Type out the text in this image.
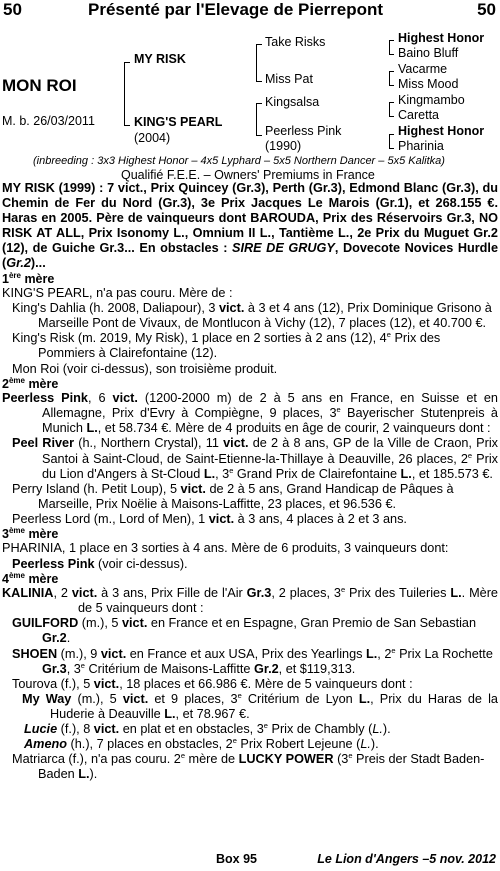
50	Présenté par l'Elevage de Pierrepont	50
MON ROI
M. b. 26/03/2011
MY RISK
KING'S PEARL
(2004)
Take Risks
Miss Pat
Kingsalsa
Peerless Pink
(1990)
Highest Honor
Baino Bluff
Vacarme
Miss Mood
Kingmambo
Caretta
Highest Honor
Pharinia
(inbreeding : 3x3 Highest Honor – 4x5 Lyphard – 5x5 Northern Dancer – 5x5 Kalitka)
Qualifié F.E.E. – Owners' Premiums in France

MY RISK (1999) : 7 vict., Prix Quincey (Gr.3), Perth (Gr.3), Edmond Blanc (Gr.3), du Chemin de Fer du Nord (Gr.3), 3e Prix Jacques Le Marois (Gr.1), et 268.155 €. Haras en 2005. Père de vainqueurs dont BAROUDA, Prix des Réservoirs Gr.3, NO RISK AT ALL, Prix Isonomy L., Omnium II L., Tantième L., 2e Prix du Muguet Gr.2 (12), de Guiche Gr.3... En obstacles : SIRE DE GRUGY, Dovecote Novices Hurdle (Gr.2)...

1ère mère

KING'S PEARL, n'a pas couru. Mère de :

King's Dahlia (h. 2008, Daliapour), 3 vict. à 3 et 4 ans (12), Prix Dominique Grisono à Marseille Pont de Vivaux, de Montlucon à Vichy (12), 7 places (12), et 40.700 €.

King's Risk (m. 2019, My Risk), 1 place en 2 sorties à 2 ans (12), 4e Prix des Pommiers à Clairefontaine (12).

Mon Roi (voir ci-dessus), son troisième produit.

2ème mère

Peerless Pink, 6 vict. (1200-2000 m) de 2 à 5 ans en France, en Suisse et en Allemagne, Prix d'Evry à Compiègne, 9 places, 3e Bayerischer Stutenpreis à Munich L., et 58.734 €. Mère de 4 produits en âge de courir, 2 vainqueurs dont :

Peel River (h., Northern Crystal), 11 vict. de 2 à 8 ans, GP de la Ville de Craon, Prix Santoi à Saint-Cloud, de Saint-Etienne-la-Thillaye à Deauville, 26 places, 2e Prix du Lion d'Angers à St-Cloud L., 3e Grand Prix de Clairefontaine L., et 185.573 €.

Perry Island (h. Petit Loup), 5 vict. de 2 à 5 ans, Grand Handicap de Pâques à Marseille, Prix Noëlie à Maisons-Laffitte, 23 places, et 96.536 €.

Peerless Lord (m., Lord of Men), 1 vict. à 3 ans, 4 places à 2 et 3 ans.

3ème mère

PHARINIA, 1 place en 3 sorties à 4 ans. Mère de 6 produits, 3 vainqueurs dont:

Peerless Pink (voir ci-dessus).

4ème mère

KALINIA, 2 vict. à 3 ans, Prix Fille de l'Air Gr.3, 2 places, 3e Prix des Tuileries L.. Mère de 5 vainqueurs dont :

GUILFORD (m.), 5 vict. en France et en Espagne, Gran Premio de San Sebastian Gr.2.

SHOEN (m.), 9 vict. en France et aux USA, Prix des Yearlings L., 2e Prix La Rochette Gr.3, 3e Critérium de Maisons-Laffitte Gr.2, et $119,313.

Tourova (f.), 5 vict., 18 places et 66.986 €. Mère de 5 vainqueurs dont :

My Way (m.), 5 vict. et 9 places, 3e Critérium de Lyon L., Prix du Haras de la Huderie à Deauville L., et 78.967 €.

Lucie (f.), 8 vict. en plat et en obstacles, 3e Prix de Chambly (L.).

Ameno (h.), 7 places en obstacles, 2e Prix Robert Lejeune (L.).

Matriarca (f.), n'a pas couru. 2e mère de LUCKY POWER (3e Preis der Stadt Baden-Baden L.).

Box 95	Le Lion d'Angers –5 nov. 2012
